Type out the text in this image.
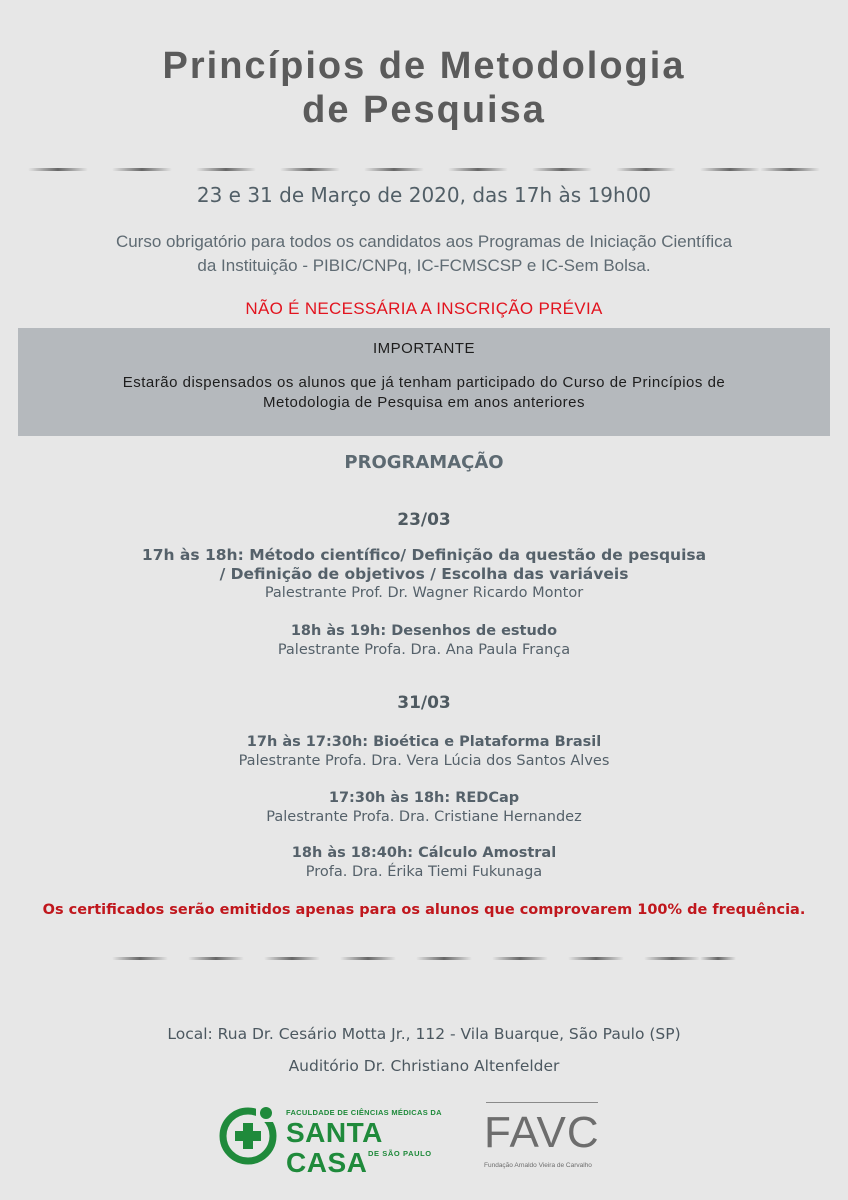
Princípios de Metodologia
de Pesquisa
23 e 31 de Março de 2020, das 17h às 19h00
Curso obrigatório para todos os candidatos aos Programas de Iniciação Científica
da Instituição - PIBIC/CNPq, IC-FCMSCSP e IC-Sem Bolsa.
NÃO É NECESSÁRIA A INSCRIÇÃO PRÉVIA
IMPORTANTE
Estarão dispensados os alunos que já tenham participado do Curso de Princípios de
Metodologia de Pesquisa em anos anteriores
PROGRAMAÇÃO
23/03
17h às 18h: Método científico/ Definição da questão de pesquisa
/ Definição de objetivos / Escolha das variáveis
Palestrante Prof. Dr. Wagner Ricardo Montor
18h às 19h: Desenhos de estudo
Palestrante Profa. Dra. Ana Paula França
31/03
17h às 17:30h: Bioética e Plataforma Brasil
Palestrante Profa. Dra. Vera Lúcia dos Santos Alves
17:30h às 18h: REDCap
Palestrante Profa. Dra. Cristiane Hernandez
18h às 18:40h: Cálculo Amostral
Profa. Dra. Érika Tiemi Fukunaga
Os certificados serão emitidos apenas para os alunos que comprovarem 100% de frequência.
Local: Rua Dr. Cesário Motta Jr., 112 - Vila Buarque, São Paulo (SP)
Auditório Dr. Christiano Altenfelder
FACULDADE DE CIÊNCIAS MÉDICAS DA
SANTA CASA DE SÃO PAULO FAVC
Fundação Arnaldo Vieira de Carvalho
